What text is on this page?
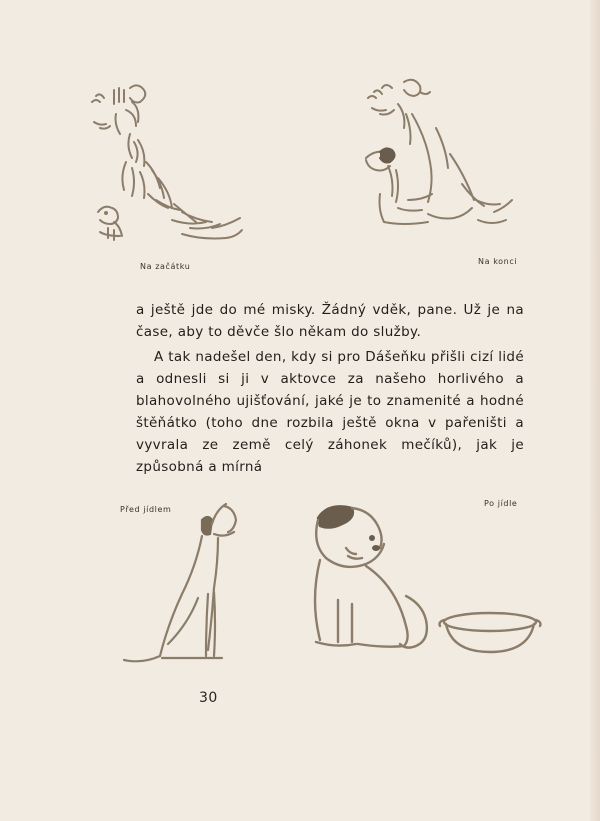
Na začátku
Na konci

a ještě jde do mé misky. Žádný vděk, pane. Už je na čase, aby to děvče šlo někam do služby.

A tak nadešel den, kdy si pro Dášeňku přišli cizí lidé a odnesli si ji v aktovce za našeho horlivého a blahovolného ujišťování, jaké je to znamenité a hodné štěňátko (toho dne rozbila ještě okna v pařeništi a vyvrala ze země celý záhonek mečíků), jak je způsobná a mírná

Před jídlem
Po jídle
30
